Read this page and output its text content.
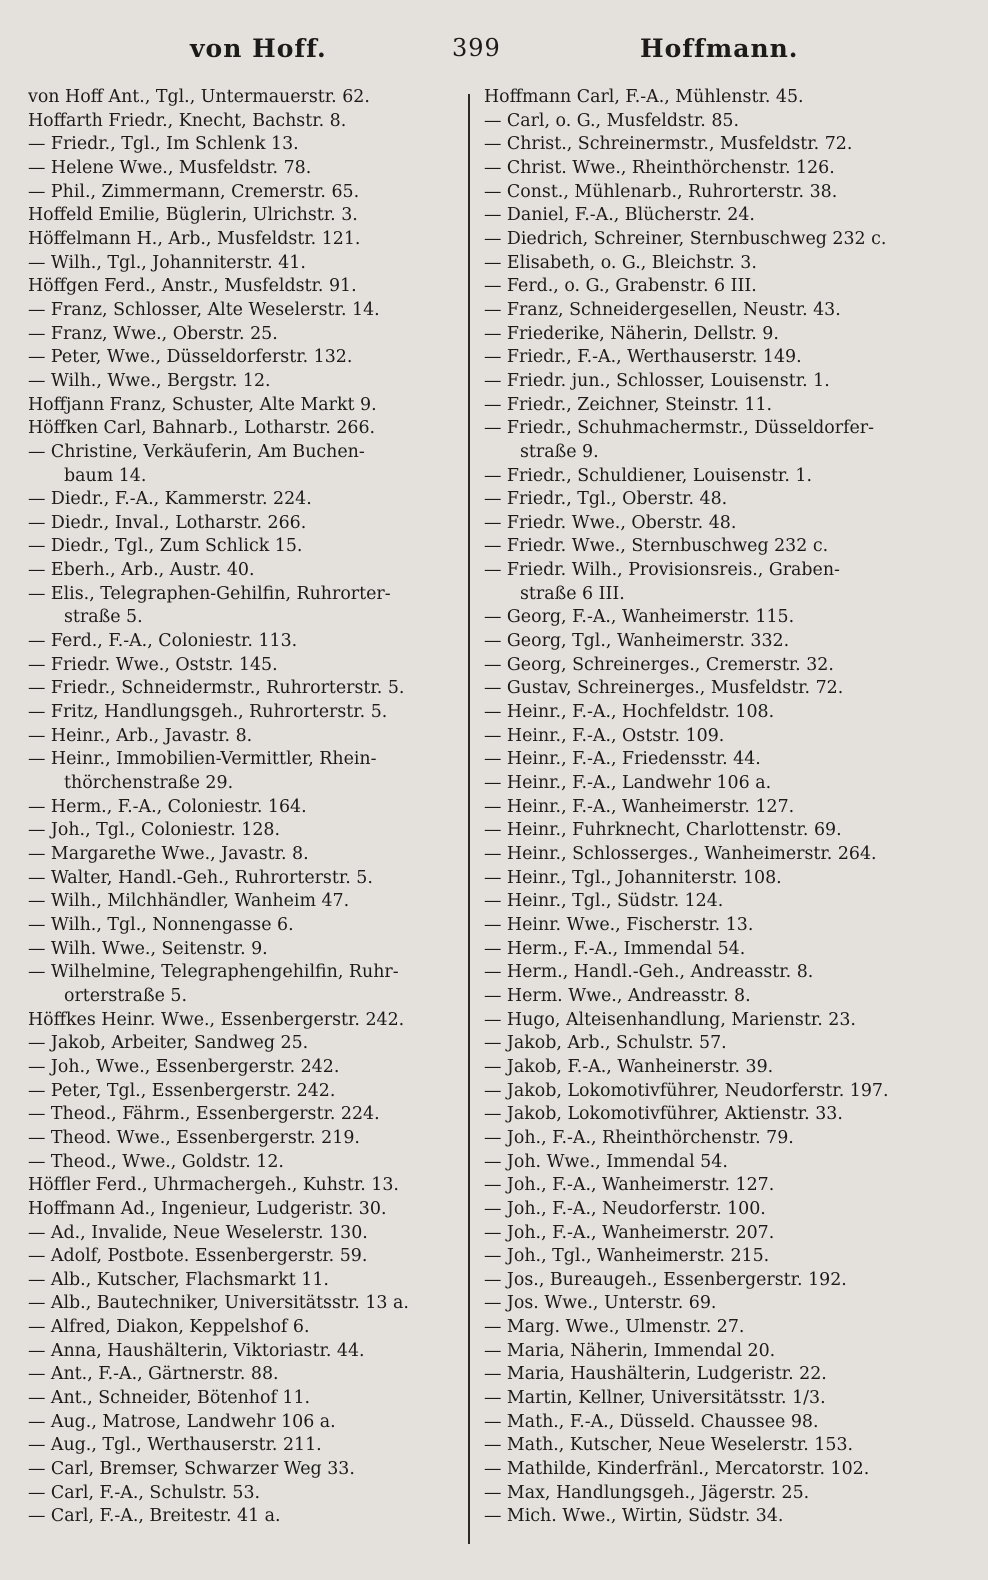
von Hoff.	399	Hoffmann.
von Hoff Ant., Tgl., Untermauerstr. 62.
Hoffarth Friedr., Knecht, Bachstr. 8.
— Friedr., Tgl., Im Schlenk 13.
— Helene Wwe., Musfeldstr. 78.
— Phil., Zimmermann, Cremerstr. 65.
Hoffeld Emilie, Büglerin, Ulrichstr. 3.
Höffelmann H., Arb., Musfeldstr. 121.
— Wilh., Tgl., Johanniterstr. 41.
Höffgen Ferd., Anstr., Musfeldstr. 91.
— Franz, Schlosser, Alte Weselerstr. 14.
— Franz, Wwe., Oberstr. 25.
— Peter, Wwe., Düsseldorferstr. 132.
— Wilh., Wwe., Bergstr. 12.
Hoffjann Franz, Schuster, Alte Markt 9.
Höffken Carl, Bahnarb., Lotharstr. 266.
— Christine, Verkäuferin, Am Buchen-
baum 14.
— Diedr., F.-A., Kammerstr. 224.
— Diedr., Inval., Lotharstr. 266.
— Diedr., Tgl., Zum Schlick 15.
— Eberh., Arb., Austr. 40.
— Elis., Telegraphen-Gehilfin, Ruhrorter-
straße 5.
— Ferd., F.-A., Coloniestr. 113.
— Friedr. Wwe., Oststr. 145.
— Friedr., Schneidermstr., Ruhrorterstr. 5.
— Fritz, Handlungsgeh., Ruhrorterstr. 5.
— Heinr., Arb., Javastr. 8.
— Heinr., Immobilien-Vermittler, Rhein-
thörchenstraße 29.
— Herm., F.-A., Coloniestr. 164.
— Joh., Tgl., Coloniestr. 128.
— Margarethe Wwe., Javastr. 8.
— Walter, Handl.-Geh., Ruhrorterstr. 5.
— Wilh., Milchhändler, Wanheim 47.
— Wilh., Tgl., Nonnengasse 6.
— Wilh. Wwe., Seitenstr. 9.
— Wilhelmine, Telegraphengehilfin, Ruhr-
orterstraße 5.
Höffkes Heinr. Wwe., Essenbergerstr. 242.
— Jakob, Arbeiter, Sandweg 25.
— Joh., Wwe., Essenbergerstr. 242.
— Peter, Tgl., Essenbergerstr. 242.
— Theod., Fährm., Essenbergerstr. 224.
— Theod. Wwe., Essenbergerstr. 219.
— Theod., Wwe., Goldstr. 12.
Höffler Ferd., Uhrmachergeh., Kuhstr. 13.
Hoffmann Ad., Ingenieur, Ludgeristr. 30.
— Ad., Invalide, Neue Weselerstr. 130.
— Adolf, Postbote. Essenbergerstr. 59.
— Alb., Kutscher, Flachsmarkt 11.
— Alb., Bautechniker, Universitätsstr. 13 a.
— Alfred, Diakon, Keppelshof 6.
— Anna, Haushälterin, Viktoriastr. 44.
— Ant., F.-A., Gärtnerstr. 88.
— Ant., Schneider, Bötenhof 11.
— Aug., Matrose, Landwehr 106 a.
— Aug., Tgl., Werthauserstr. 211.
— Carl, Bremser, Schwarzer Weg 33.
— Carl, F.-A., Schulstr. 53.
— Carl, F.-A., Breitestr. 41 a.
Hoffmann Carl, F.-A., Mühlenstr. 45.
— Carl, o. G., Musfeldstr. 85.
— Christ., Schreinermstr., Musfeldstr. 72.
— Christ. Wwe., Rheinthörchenstr. 126.
— Const., Mühlenarb., Ruhrorterstr. 38.
— Daniel, F.-A., Blücherstr. 24.
— Diedrich, Schreiner, Sternbuschweg 232 c.
— Elisabeth, o. G., Bleichstr. 3.
— Ferd., o. G., Grabenstr. 6 III.
— Franz, Schneidergesellen, Neustr. 43.
— Friederike, Näherin, Dellstr. 9.
— Friedr., F.-A., Werthauserstr. 149.
— Friedr. jun., Schlosser, Louisenstr. 1.
— Friedr., Zeichner, Steinstr. 11.
— Friedr., Schuhmachermstr., Düsseldorfer-
straße 9.
— Friedr., Schuldiener, Louisenstr. 1.
— Friedr., Tgl., Oberstr. 48.
— Friedr. Wwe., Oberstr. 48.
— Friedr. Wwe., Sternbuschweg 232 c.
— Friedr. Wilh., Provisionsreis., Graben-
straße 6 III.
— Georg, F.-A., Wanheimerstr. 115.
— Georg, Tgl., Wanheimerstr. 332.
— Georg, Schreinerges., Cremerstr. 32.
— Gustav, Schreinerges., Musfeldstr. 72.
— Heinr., F.-A., Hochfeldstr. 108.
— Heinr., F.-A., Oststr. 109.
— Heinr., F.-A., Friedensstr. 44.
— Heinr., F.-A., Landwehr 106 a.
— Heinr., F.-A., Wanheimerstr. 127.
— Heinr., Fuhrknecht, Charlottenstr. 69.
— Heinr., Schlosserges., Wanheimerstr. 264.
— Heinr., Tgl., Johanniterstr. 108.
— Heinr., Tgl., Südstr. 124.
— Heinr. Wwe., Fischerstr. 13.
— Herm., F.-A., Immendal 54.
— Herm., Handl.-Geh., Andreasstr. 8.
— Herm. Wwe., Andreasstr. 8.
— Hugo, Alteisenhandlung, Marienstr. 23.
— Jakob, Arb., Schulstr. 57.
— Jakob, F.-A., Wanheinerstr. 39.
— Jakob, Lokomotivführer, Neudorferstr. 197.
— Jakob, Lokomotivführer, Aktienstr. 33.
— Joh., F.-A., Rheinthörchenstr. 79.
— Joh. Wwe., Immendal 54.
— Joh., F.-A., Wanheimerstr. 127.
— Joh., F.-A., Neudorferstr. 100.
— Joh., F.-A., Wanheimerstr. 207.
— Joh., Tgl., Wanheimerstr. 215.
— Jos., Bureaugeh., Essenbergerstr. 192.
— Jos. Wwe., Unterstr. 69.
— Marg. Wwe., Ulmenstr. 27.
— Maria, Näherin, Immendal 20.
— Maria, Haushälterin, Ludgeristr. 22.
— Martin, Kellner, Universitätsstr. 1/3.
— Math., F.-A., Düsseld. Chaussee 98.
— Math., Kutscher, Neue Weselerstr. 153.
— Mathilde, Kinderfränl., Mercatorstr. 102.
— Max, Handlungsgeh., Jägerstr. 25.
— Mich. Wwe., Wirtin, Südstr. 34.
